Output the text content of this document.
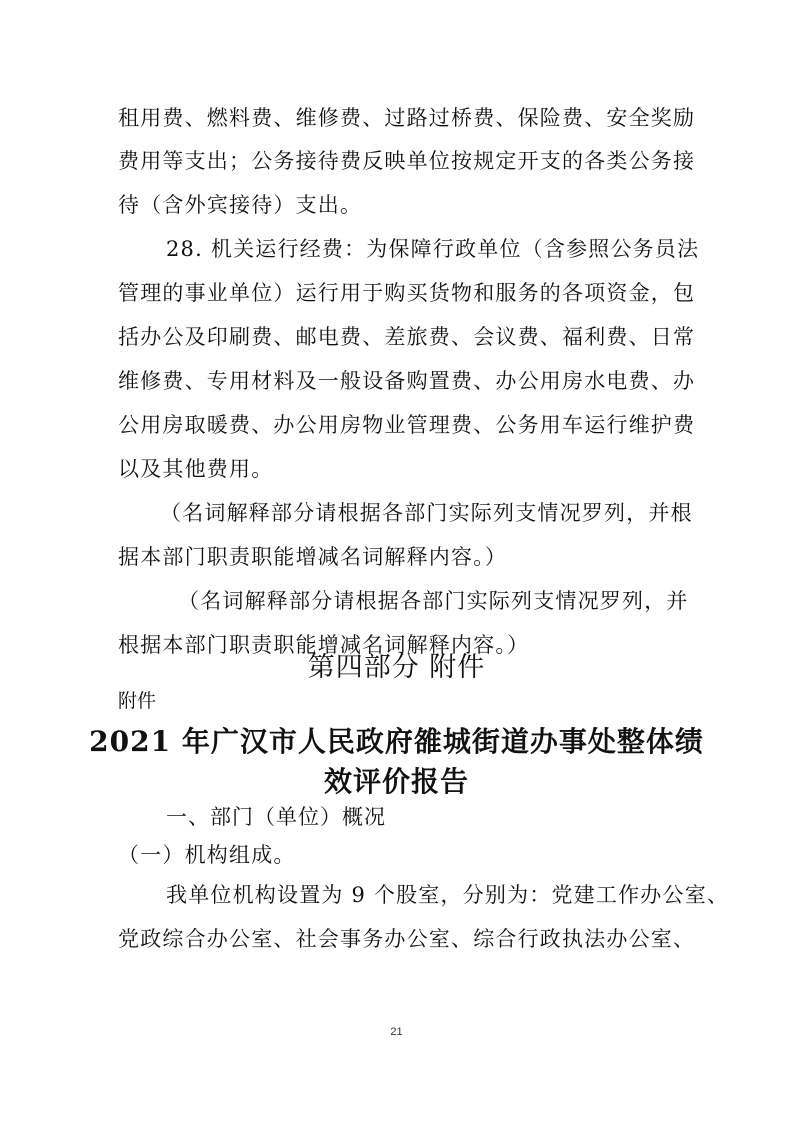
租用费、燃料费、维修费、过路过桥费、保险费、安全奖励
费用等支出；公务接待费反映单位按规定开支的各类公务接
待（含外宾接待）支出。
28. 机关运行经费：为保障行政单位（含参照公务员法
管理的事业单位）运行用于购买货物和服务的各项资金，包
括办公及印刷费、邮电费、差旅费、会议费、福利费、日常
维修费、专用材料及一般设备购置费、办公用房水电费、办
公用房取暖费、办公用房物业管理费、公务用车运行维护费
以及其他费用。
（名词解释部分请根据各部门实际列支情况罗列，并根
据本部门职责职能增减名词解释内容。）
（名词解释部分请根据各部门实际列支情况罗列，并
根据本部门职责职能增减名词解释内容。）
第四部分 附件
附件
2021 年广汉市人民政府雒城街道办事处整体绩
效评价报告
一、部门（单位）概况
（一）机构组成。
我单位机构设置为 9 个股室，分别为：党建工作办公室、
党政综合办公室、社会事务办公室、综合行政执法办公室、
21
